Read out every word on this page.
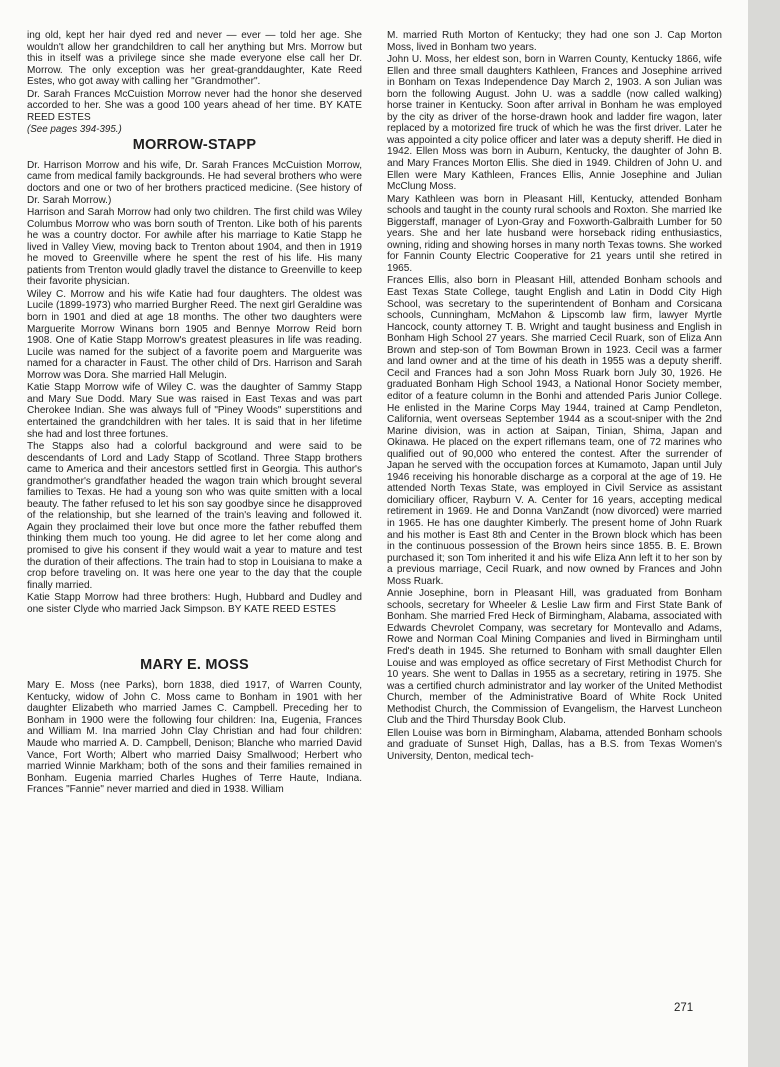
ing old, kept her hair dyed red and never — ever — told her age. She wouldn't allow her grandchildren to call her anything but Mrs. Morrow but this in itself was a privilege since she made everyone else call her Dr. Morrow. The only exception was her great-granddaughter, Kate Reed Estes, who got away with calling her "Grandmother".

Dr. Sarah Frances McCuistion Morrow never had the honor she deserved accorded to her. She was a good 100 years ahead of her time. BY KATE REED ESTES

(See pages 394-395.)

MORROW-STAPP

Dr. Harrison Morrow and his wife, Dr. Sarah Frances McCuistion Morrow, came from medical family backgrounds. He had several brothers who were doctors and one or two of her brothers practiced medicine. (See history of Dr. Sarah Morrow.)

Harrison and Sarah Morrow had only two children. The first child was Wiley Columbus Morrow who was born south of Trenton. Like both of his parents he was a country doctor. For awhile after his marriage to Katie Stapp he lived in Valley View, moving back to Trenton about 1904, and then in 1919 he moved to Greenville where he spent the rest of his life. His many patients from Trenton would gladly travel the distance to Greenville to keep their favorite physician.

Wiley C. Morrow and his wife Katie had four daughters. The oldest was Lucile (1899-1973) who married Burgher Reed. The next girl Geraldine was born in 1901 and died at age 18 months. The other two daughters were Marguerite Morrow Winans born 1905 and Bennye Morrow Reid born 1908. One of Katie Stapp Morrow's greatest pleasures in life was reading. Lucile was named for the subject of a favorite poem and Marguerite was named for a character in Faust. The other child of Drs. Harrison and Sarah Morrow was Dora. She married Hall Melugin.

Katie Stapp Morrow wife of Wiley C. was the daughter of Sammy Stapp and Mary Sue Dodd. Mary Sue was raised in East Texas and was part Cherokee Indian. She was always full of "Piney Woods" superstitions and entertained the grandchildren with her tales. It is said that in her lifetime she had and lost three fortunes.

The Stapps also had a colorful background and were said to be descendants of Lord and Lady Stapp of Scotland. Three Stapp brothers came to America and their ancestors settled first in Georgia. This author's grandmother's grandfather headed the wagon train which brought several families to Texas. He had a young son who was quite smitten with a local beauty. The father refused to let his son say goodbye since he disapproved of the relationship, but she learned of the train's leaving and followed it. Again they proclaimed their love but once more the father rebuffed them thinking them much too young. He did agree to let her come along and promised to give his consent if they would wait a year to mature and test the duration of their affections. The train had to stop in Louisiana to make a crop before traveling on. It was here one year to the day that the couple finally married.

Katie Stapp Morrow had three brothers: Hugh, Hubbard and Dudley and one sister Clyde who married Jack Simpson. BY KATE REED ESTES

MARY E. MOSS

Mary E. Moss (nee Parks), born 1838, died 1917, of Warren County, Kentucky, widow of John C. Moss came to Bonham in 1901 with her daughter Elizabeth who married James C. Campbell. Preceding her to Bonham in 1900 were the following four children: Ina, Eugenia, Frances and William M. Ina married John Clay Christian and had four children: Maude who married A. D. Campbell, Denison; Blanche who married David Vance, Fort Worth; Albert who married Daisy Smallwood; Herbert who married Winnie Markham; both of the sons and their families remained in Bonham. Eugenia married Charles Hughes of Terre Haute, Indiana. Frances "Fannie" never married and died in 1938. William

M. married Ruth Morton of Kentucky; they had one son J. Cap Morton Moss, lived in Bonham two years.

John U. Moss, her eldest son, born in Warren County, Kentucky 1866, wife Ellen and three small daughters Kathleen, Frances and Josephine arrived in Bonham on Texas Independence Day March 2, 1903. A son Julian was born the following August. John U. was a saddle (now called walking) horse trainer in Kentucky. Soon after arrival in Bonham he was employed by the city as driver of the horse-drawn hook and ladder fire wagon, later replaced by a motorized fire truck of which he was the first driver. Later he was appointed a city police officer and later was a deputy sheriff. He died in 1942. Ellen Moss was born in Auburn, Kentucky, the daughter of John B. and Mary Frances Morton Ellis. She died in 1949. Children of John U. and Ellen were Mary Kathleen, Frances Ellis, Annie Josephine and Julian McClung Moss.

Mary Kathleen was born in Pleasant Hill, Kentucky, attended Bonham schools and taught in the county rural schools and Roxton. She married Ike Biggerstaff, manager of Lyon-Gray and Foxworth-Galbraith Lumber for 50 years. She and her late husband were horseback riding enthusiastics, owning, riding and showing horses in many north Texas towns. She worked for Fannin County Electric Cooperative for 21 years until she retired in 1965.

Frances Ellis, also born in Pleasant Hill, attended Bonham schools and East Texas State College, taught English and Latin in Dodd City High School, was secretary to the superintendent of Bonham and Corsicana schools, Cunningham, McMahon & Lipscomb law firm, lawyer Myrtle Hancock, county attorney T. B. Wright and taught business and English in Bonham High School 27 years. She married Cecil Ruark, son of Eliza Ann Brown and step-son of Tom Bowman Brown in 1923. Cecil was a farmer and land owner and at the time of his death in 1955 was a deputy sheriff. Cecil and Frances had a son John Moss Ruark born July 30, 1926. He graduated Bonham High School 1943, a National Honor Society member, editor of a feature column in the Bonhi and attended Paris Junior College. He enlisted in the Marine Corps May 1944, trained at Camp Pendleton, California, went overseas September 1944 as a scout-sniper with the 2nd Marine division, was in action at Saipan, Tinian, Shima, Japan and Okinawa. He placed on the expert riflemans team, one of 72 marines who qualified out of 90,000 who entered the contest. After the surrender of Japan he served with the occupation forces at Kumamoto, Japan until July 1946 receiving his honorable discharge as a corporal at the age of 19. He attended North Texas State, was employed in Civil Service as assistant domiciliary officer, Rayburn V. A. Center for 16 years, accepting medical retirement in 1969. He and Donna VanZandt (now divorced) were married in 1965. He has one daughter Kimberly. The present home of John Ruark and his mother is East 8th and Center in the Brown block which has been in the continuous possession of the Brown heirs since 1855. B. E. Brown purchased it; son Tom inherited it and his wife Eliza Ann left it to her son by a previous marriage, Cecil Ruark, and now owned by Frances and John Moss Ruark.

Annie Josephine, born in Pleasant Hill, was graduated from Bonham schools, secretary for Wheeler & Leslie Law firm and First State Bank of Bonham. She married Fred Heck of Birmingham, Alabama, associated with Edwards Chevrolet Company, was secretary for Montevallo and Adams, Rowe and Norman Coal Mining Companies and lived in Birmingham until Fred's death in 1945. She returned to Bonham with small daughter Ellen Louise and was employed as office secretary of First Methodist Church for 10 years. She went to Dallas in 1955 as a secretary, retiring in 1975. She was a certified church administrator and lay worker of the United Methodist Church, member of the Administrative Board of White Rock United Methodist Church, the Commission of Evangelism, the Harvest Luncheon Club and the Third Thursday Book Club.

Ellen Louise was born in Birmingham, Alabama, attended Bonham schools and graduate of Sunset High, Dallas, has a B.S. from Texas Women's University, Denton, medical tech-

271
